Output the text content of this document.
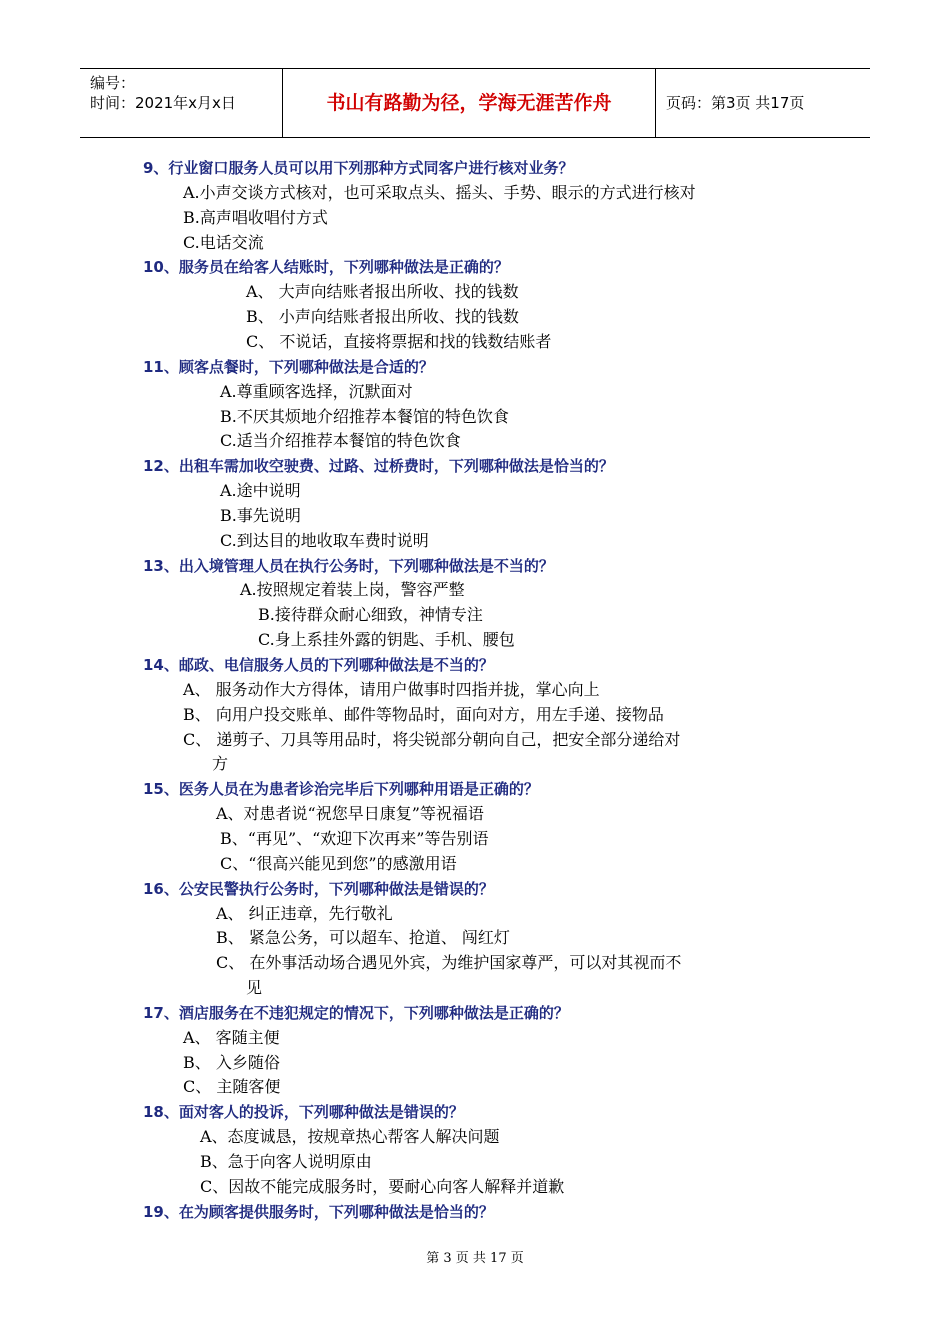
编号：
时间：2021年x月x日	书山有路勤为径，学海无涯苦作舟	页码：第3页 共17页
9、行业窗口服务人员可以用下列那种方式同客户进行核对业务？
A.小声交谈方式核对，也可采取点头、摇头、手势、眼示的方式进行核对
B.高声唱收唱付方式
C.电话交流
10、服务员在给客人结账时，下列哪种做法是正确的？
A、 大声向结账者报出所收、找的钱数
B、 小声向结账者报出所收、找的钱数
C、 不说话，直接将票据和找的钱数结账者
11、顾客点餐时，下列哪种做法是合适的？
A.尊重顾客选择，沉默面对
B.不厌其烦地介绍推荐本餐馆的特色饮食
C.适当介绍推荐本餐馆的特色饮食
12、出租车需加收空驶费、过路、过桥费时，下列哪种做法是恰当的？
A.途中说明
B.事先说明
C.到达目的地收取车费时说明
13、出入境管理人员在执行公务时，下列哪种做法是不当的？
A.按照规定着装上岗，警容严整
B.接待群众耐心细致，神情专注
C.身上系挂外露的钥匙、手机、腰包
14、邮政、电信服务人员的下列哪种做法是不当的？
A、 服务动作大方得体，请用户做事时四指并拢，掌心向上
B、 向用户投交账单、邮件等物品时，面向对方，用左手递、接物品
C、 递剪子、刀具等用品时，将尖锐部分朝向自己，把安全部分递给对
方
15、医务人员在为患者诊治完毕后下列哪种用语是正确的？
A、对患者说“祝您早日康复”等祝福语
B、“再见”、“欢迎下次再来”等告别语
C、“很高兴能见到您”的感激用语
16、公安民警执行公务时，下列哪种做法是错误的？
A、 纠正违章，先行敬礼
B、 紧急公务，可以超车、抢道、 闯红灯
C、 在外事活动场合遇见外宾，为维护国家尊严，可以对其视而不
见
17、酒店服务在不违犯规定的情况下，下列哪种做法是正确的？
A、 客随主便
B、 入乡随俗
C、 主随客便
18、面对客人的投诉，下列哪种做法是错误的？
A、态度诚恳，按规章热心帮客人解决问题
B、急于向客人说明原由
C、因故不能完成服务时，要耐心向客人解释并道歉
19、在为顾客提供服务时，下列哪种做法是恰当的？
第 3 页 共 17 页
